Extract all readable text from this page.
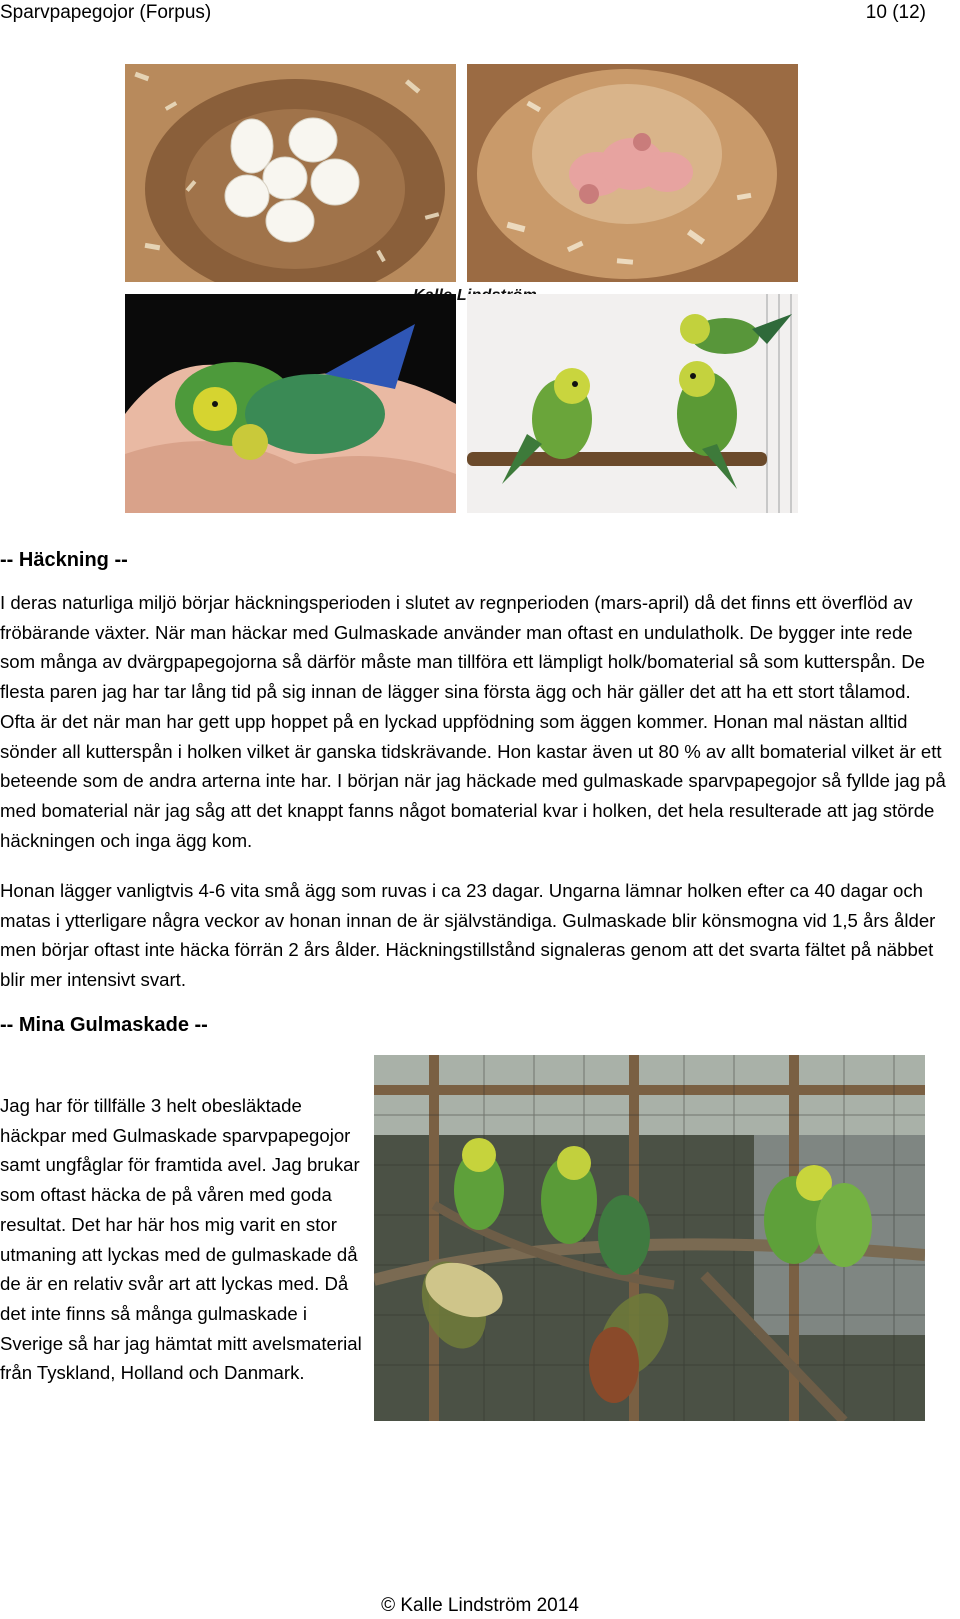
Sparvpapegojor (Forpus)	10 (12)
-- Häckning --

I deras naturliga miljö börjar häckningsperioden i slutet av regnperioden (mars-april) då det finns ett överflöd av fröbärande växter. När man häckar med Gulmaskade använder man oftast en undulatholk. De bygger inte rede som många av dvärgpapegojorna så därför måste man tillföra ett lämpligt holk/bomaterial så som kutterspån. De flesta paren jag har tar lång tid på sig innan de lägger sina första ägg och här gäller det att ha ett stort tålamod. Ofta är det när man har gett upp hoppet på en lyckad uppfödning som äggen kommer. Honan mal nästan alltid sönder all kutterspån i holken vilket är ganska tidskrävande. Hon kastar även ut 80 % av allt bomaterial vilket är ett beteende som de andra arterna inte har. I början när jag häckade med gulmaskade sparvpapegojor så fyllde jag på med bomaterial när jag såg att det knappt fanns något bomaterial kvar i holken, det hela resulterade att jag störde häckningen och inga ägg kom.

Honan lägger vanligtvis 4-6 vita små ägg som ruvas i ca 23 dagar. Ungarna lämnar holken efter ca 40 dagar och matas i ytterligare några veckor av honan innan de är självständiga. Gulmaskade blir könsmogna vid 1,5 års ålder men börjar oftast inte häcka förrän 2 års ålder. Häckningstillstånd signaleras genom att det svarta fältet på näbbet blir mer intensivt svart.

-- Mina Gulmaskade --

Jag har för tillfälle 3 helt obesläktade häckpar med Gulmaskade sparvpapegojor samt ungfåglar för framtida avel. Jag brukar som oftast häcka de på våren med goda resultat. Det har här hos mig varit en stor utmaning att lyckas med de gulmaskade då de är en relativ svår art att lyckas med. Då det inte finns så många gulmaskade i Sverige så har jag hämtat mitt avelsmaterial från Tyskland, Holland och Danmark.

© Kalle Lindström 2014
